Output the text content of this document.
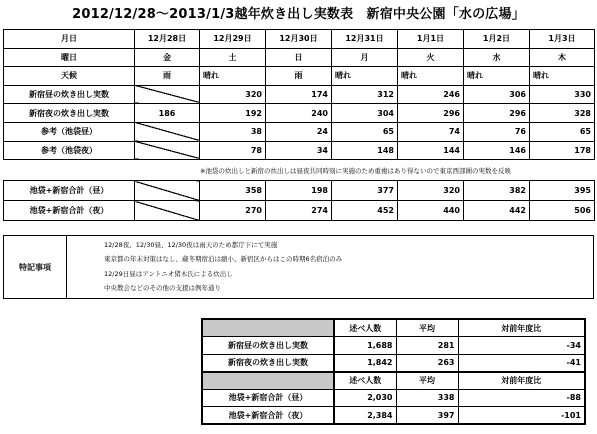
2012/12/28～2013/1/3越年炊き出し実数表　新宿中央公園「水の広場」
月日	12月28日	12月29日	12月30日	12月31日	1月1日	1月2日	1月3日
曜日	金	土	日	月	火	水	木
天候	雨	晴れ	雨	晴れ	晴れ	晴れ	晴れ
新宿昼の炊き出し実数		320	174	312	246	306	330
新宿夜の炊き出し実数	186	192	240	304	296	296	328
参考（池袋昼）		38	24	65	74	76	65
参考（池袋夜）		78	34	148	144	146	178
※池袋の炊出しと新宿の炊出しは昼夜共同時刻に実施のため重複はあり得ないので東京西部圏の実数を反映
池袋+新宿合計（昼）		358	198	377	320	382	395
池袋+新宿合計（夜）		270	274	452	440	442	506
特記事項
12/28夜、12/30昼、12/30夜は雨天のため都庁下にて実施
東京都の年末対策はなし、蔵冬期宿泊は縮小、新宿区からはこの時期6名宿泊のみ
12/29日昼はアントニオ猪木氏による炊出し
中央教会などのその他の支援は例年通り
	述べ人数	平均	対前年度比
新宿昼の炊き出し実数	1,688	281	-34
新宿夜の炊き出し実数	1,842	263	-41
	述べ人数	平均	対前年度比
池袋+新宿合計（昼）	2,030	338	-88
池袋+新宿合計（夜）	2,384	397	-101
